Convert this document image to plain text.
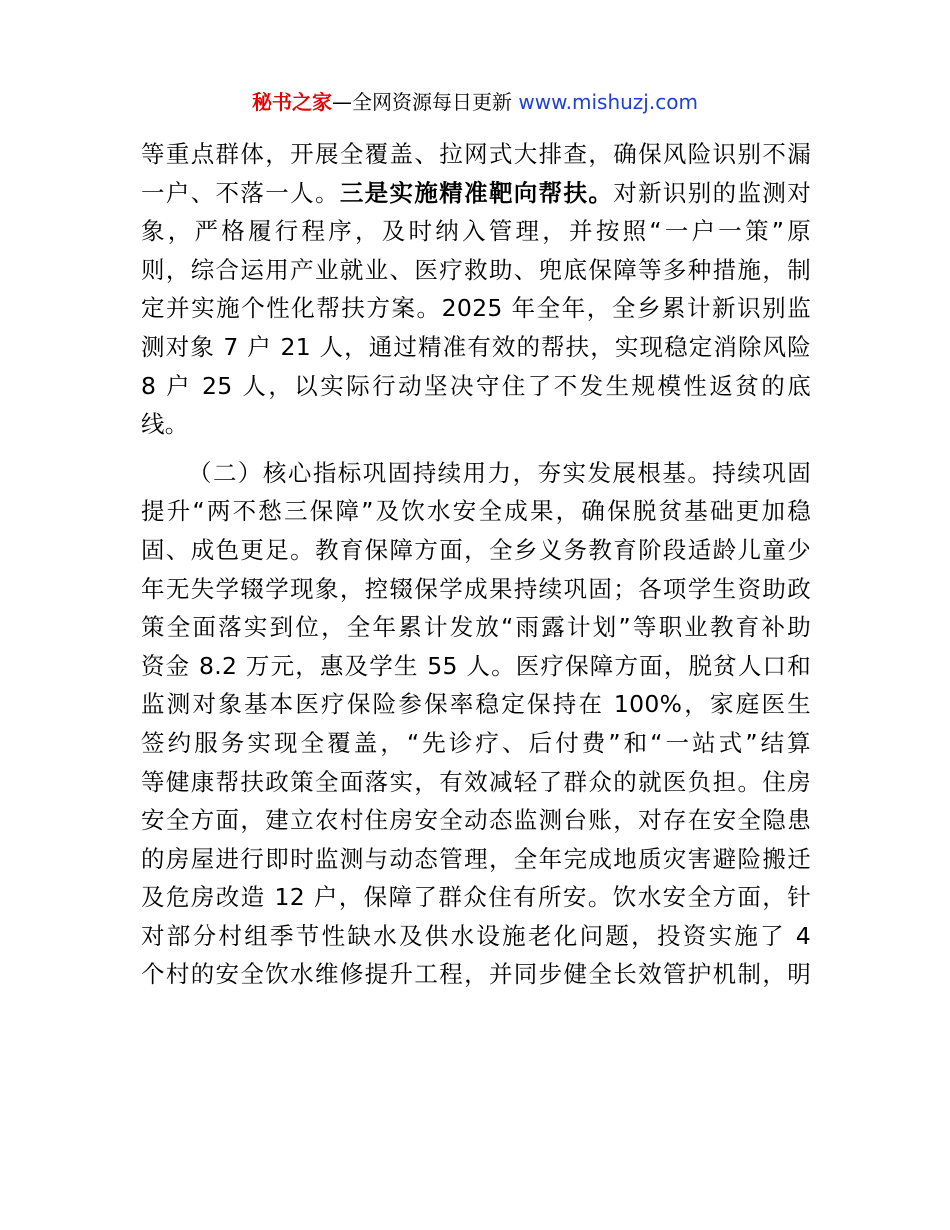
秘书之家—全网资源每日更新 www.mishuzj.com

等重点群体，开展全覆盖、拉网式大排查，确保风险识别不漏
一户、不落一人。三是实施精准靶向帮扶。对新识别的监测对
象，严格履行程序，及时纳入管理，并按照“一户一策”原
则，综合运用产业就业、医疗救助、兜底保障等多种措施，制
定并实施个性化帮扶方案。2025 年全年，全乡累计新识别监
测对象 7 户 21 人，通过精准有效的帮扶，实现稳定消除风险
8 户 25 人，以实际行动坚决守住了不发生规模性返贫的底
线。

（二）核心指标巩固持续用力，夯实发展根基。持续巩固
提升“两不愁三保障”及饮水安全成果，确保脱贫基础更加稳
固、成色更足。教育保障方面，全乡义务教育阶段适龄儿童少
年无失学辍学现象，控辍保学成果持续巩固；各项学生资助政
策全面落实到位，全年累计发放“雨露计划”等职业教育补助
资金 8.2 万元，惠及学生 55 人。医疗保障方面，脱贫人口和
监测对象基本医疗保险参保率稳定保持在 100%，家庭医生
签约服务实现全覆盖，“先诊疗、后付费”和“一站式”结算
等健康帮扶政策全面落实，有效减轻了群众的就医负担。住房
安全方面，建立农村住房安全动态监测台账，对存在安全隐患
的房屋进行即时监测与动态管理，全年完成地质灾害避险搬迁
及危房改造 12 户，保障了群众住有所安。饮水安全方面，针
对部分村组季节性缺水及供水设施老化问题，投资实施了 4
个村的安全饮水维修提升工程，并同步健全长效管护机制，明
